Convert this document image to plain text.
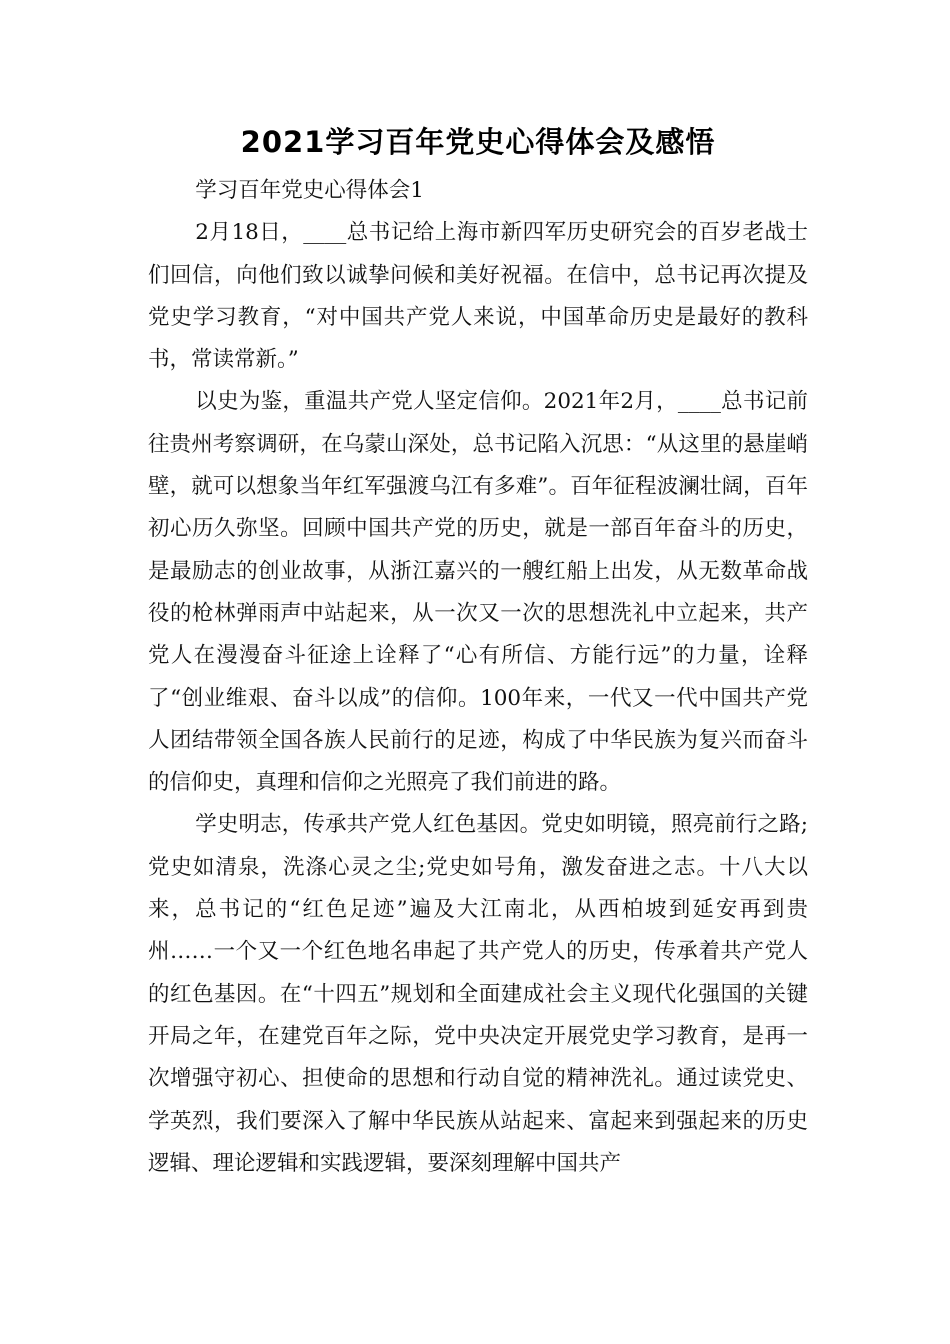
2021学习百年党史心得体会及感悟

学习百年党史心得体会1

2月18日，____总书记给上海市新四军历史研究会的百岁老战士们回信，向他们致以诚挚问候和美好祝福。在信中，总书记再次提及党史学习教育，“对中国共产党人来说，中国革命历史是最好的教科书，常读常新。”

以史为鉴，重温共产党人坚定信仰。2021年2月，____总书记前往贵州考察调研，在乌蒙山深处，总书记陷入沉思：“从这里的悬崖峭壁，就可以想象当年红军强渡乌江有多难”。百年征程波澜壮阔，百年初心历久弥坚。回顾中国共产党的历史，就是一部百年奋斗的历史，是最励志的创业故事，从浙江嘉兴的一艘红船上出发，从无数革命战役的枪林弹雨声中站起来，从一次又一次的思想洗礼中立起来，共产党人在漫漫奋斗征途上诠释了“心有所信、方能行远”的力量，诠释了“创业维艰、奋斗以成”的信仰。100年来，一代又一代中国共产党人团结带领全国各族人民前行的足迹，构成了中华民族为复兴而奋斗的信仰史，真理和信仰之光照亮了我们前进的路。

学史明志，传承共产党人红色基因。党史如明镜，照亮前行之路;党史如清泉，洗涤心灵之尘;党史如号角，激发奋进之志。十八大以来，总书记的“红色足迹”遍及大江南北，从西柏坡到延安再到贵州……一个又一个红色地名串起了共产党人的历史，传承着共产党人的红色基因。在“十四五”规划和全面建成社会主义现代化强国的关键开局之年，在建党百年之际，党中央决定开展党史学习教育，是再一次增强守初心、担使命的思想和行动自觉的精神洗礼。通过读党史、学英烈，我们要深入了解中华民族从站起来、富起来到强起来的历史逻辑、理论逻辑和实践逻辑，要深刻理解中国共产
